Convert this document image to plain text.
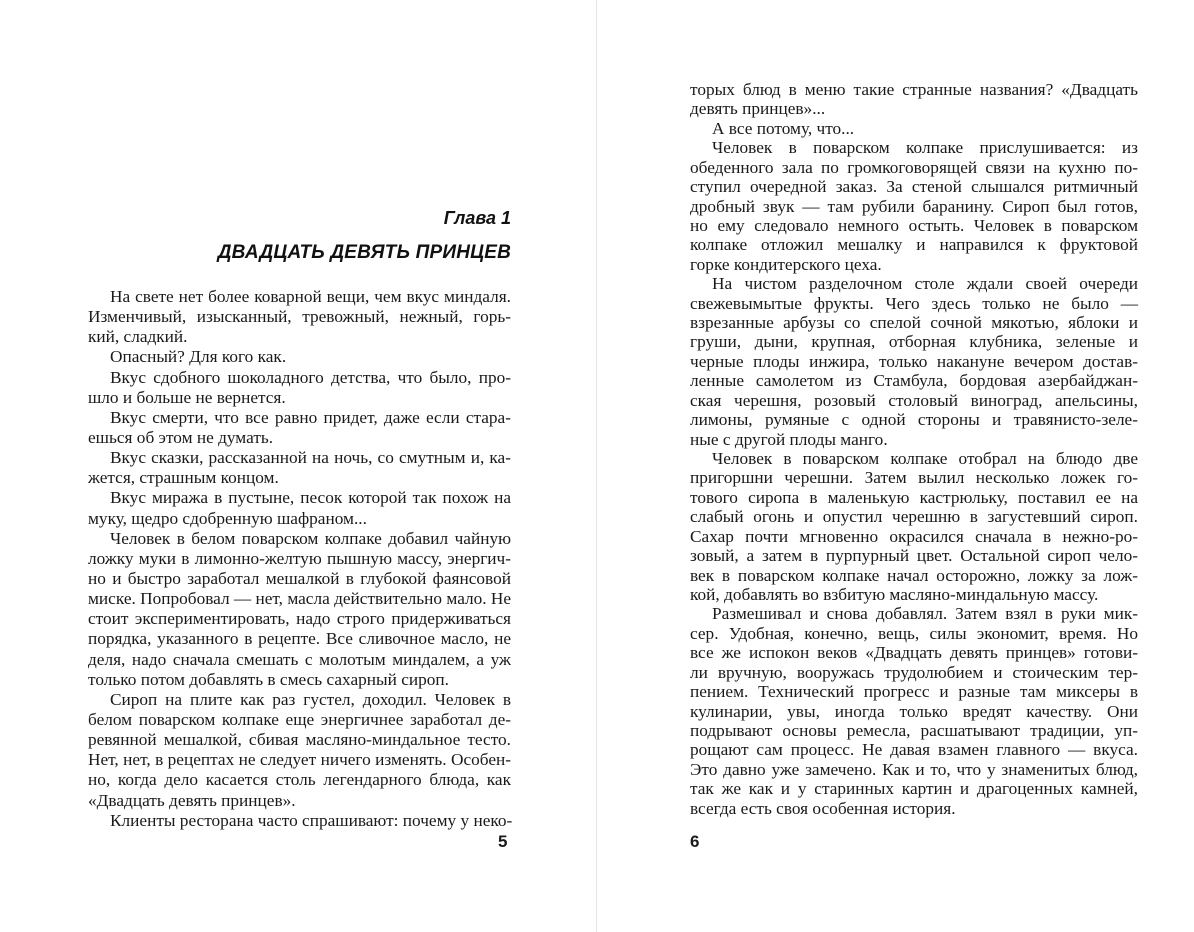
Глава 1
ДВАДЦАТЬ ДЕВЯТЬ ПРИНЦЕВ
На свете нет более коварной вещи, чем вкус миндаля.
Изменчивый, изысканный, тревожный, нежный, горь-
кий, сладкий.
Опасный? Для кого как.
Вкус сдобного шоколадного детства, что было, про-
шло и больше не вернется.
Вкус смерти, что все равно придет, даже если стара-
ешься об этом не думать.
Вкус сказки, рассказанной на ночь, со смутным и, ка-
жется, страшным концом.
Вкус миража в пустыне, песок которой так похож на
муку, щедро сдобренную шафраном...
Человек в белом поварском колпаке добавил чайную
ложку муки в лимонно-желтую пышную массу, энергич-
но и быстро заработал мешалкой в глубокой фаянсовой
миске. Попробовал — нет, масла действительно мало. Не
стоит экспериментировать, надо строго придерживаться
порядка, указанного в рецепте. Все сливочное масло, не
деля, надо сначала смешать с молотым миндалем, а уж
только потом добавлять в смесь сахарный сироп.
Сироп на плите как раз густел, доходил. Человек в
белом поварском колпаке еще энергичнее заработал де-
ревянной мешалкой, сбивая масляно-миндальное тесто.
Нет, нет, в рецептах не следует ничего изменять. Особен-
но, когда дело касается столь легендарного блюда, как
«Двадцать девять принцев».
Клиенты ресторана часто спрашивают: почему у неко-
торых блюд в меню такие странные названия? «Двадцать
девять принцев»...
А все потому, что...
Человек в поварском колпаке прислушивается: из
обеденного зала по громкоговорящей связи на кухню по-
ступил очередной заказ. За стеной слышался ритмичный
дробный звук — там рубили баранину. Сироп был готов,
но ему следовало немного остыть. Человек в поварском
колпаке отложил мешалку и направился к фруктовой
горке кондитерского цеха.
На чистом разделочном столе ждали своей очереди
свежевымытые фрукты. Чего здесь только не было —
взрезанные арбузы со спелой сочной мякотью, яблоки и
груши, дыни, крупная, отборная клубника, зеленые и
черные плоды инжира, только накануне вечером достав-
ленные самолетом из Стамбула, бордовая азербайджан-
ская черешня, розовый столовый виноград, апельсины,
лимоны, румяные с одной стороны и травянисто-зеле-
ные с другой плоды манго.
Человек в поварском колпаке отобрал на блюдо две
пригоршни черешни. Затем вылил несколько ложек го-
тового сиропа в маленькую кастрюльку, поставил ее на
слабый огонь и опустил черешню в загустевший сироп.
Сахар почти мгновенно окрасился сначала в нежно-ро-
зовый, а затем в пурпурный цвет. Остальной сироп чело-
век в поварском колпаке начал осторожно, ложку за лож-
кой, добавлять во взбитую масляно-миндальную массу.
Размешивал и снова добавлял. Затем взял в руки мик-
сер. Удобная, конечно, вещь, силы экономит, время. Но
все же испокон веков «Двадцать девять принцев» готови-
ли вручную, вооружась трудолюбием и стоическим тер-
пением. Технический прогресс и разные там миксеры в
кулинарии, увы, иногда только вредят качеству. Они
подрывают основы ремесла, расшатывают традиции, уп-
рощают сам процесс. Не давая взамен главного — вкуса.
Это давно уже замечено. Как и то, что у знаменитых блюд,
так же как и у старинных картин и драгоценных камней,
всегда есть своя особенная история.
5	6
